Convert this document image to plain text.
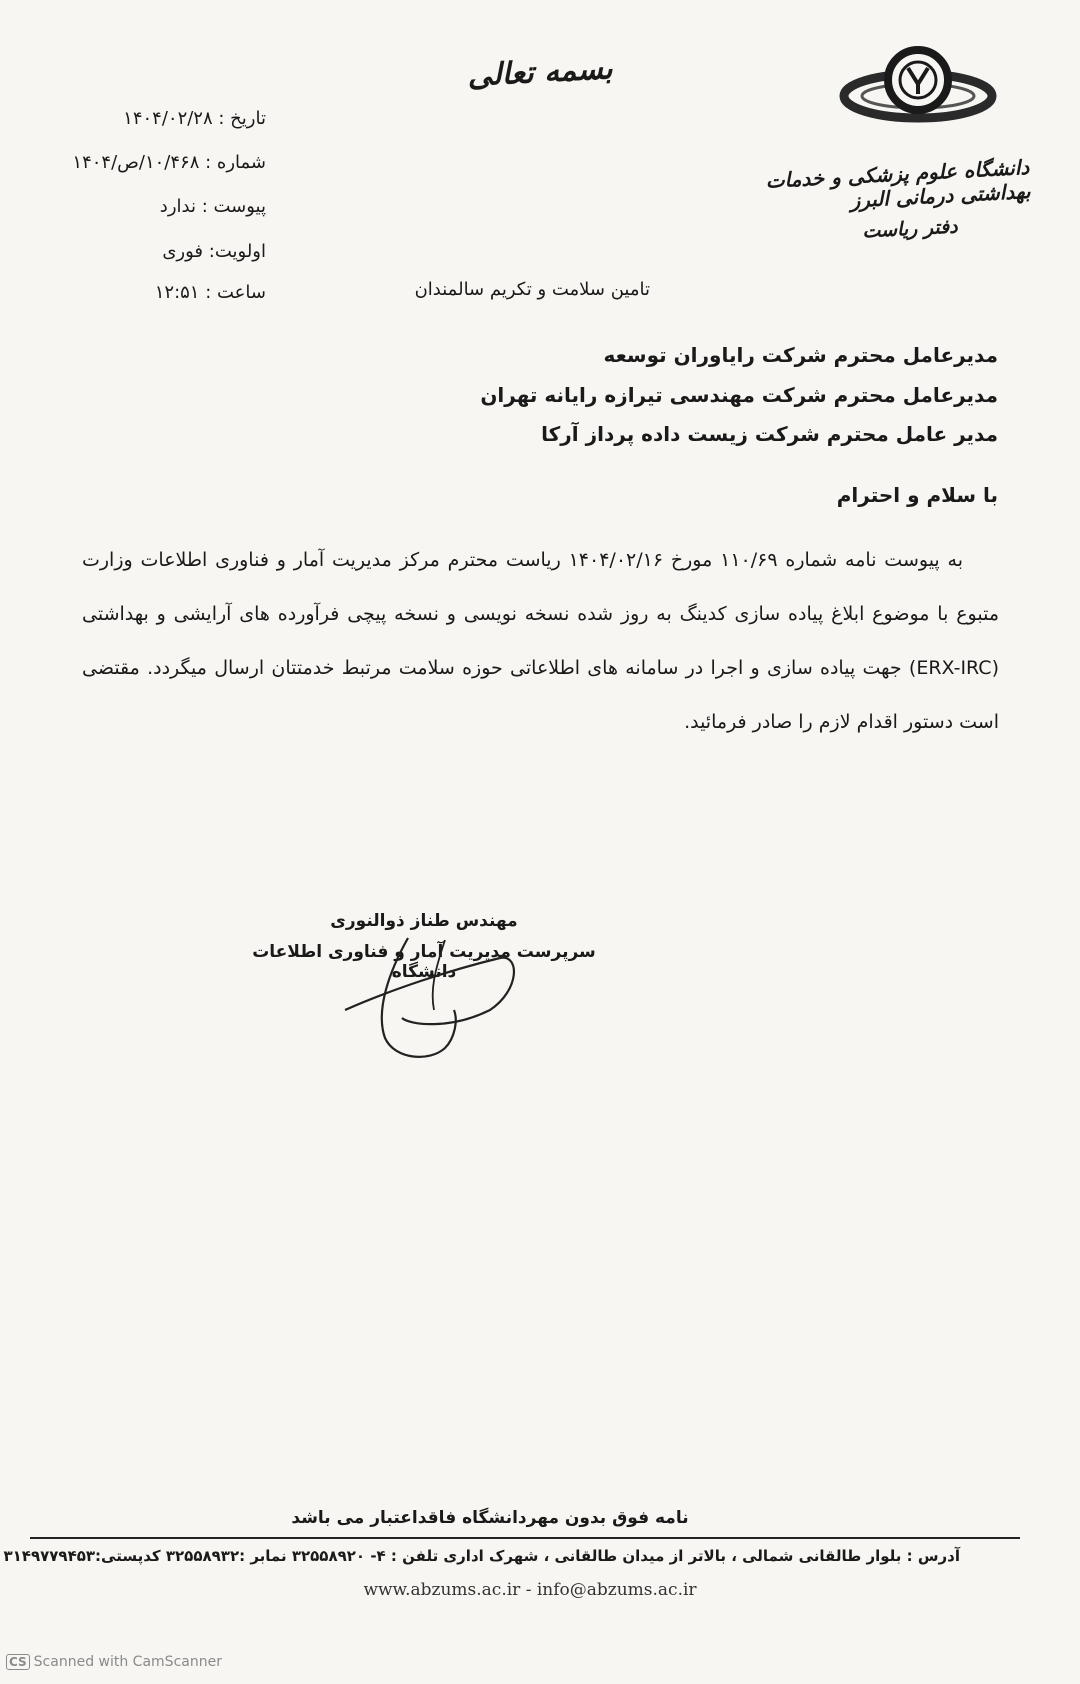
بسمه تعالی
دانشگاه علوم پزشکی و خدمات بهداشتی درمانی البرز
دفتر ریاست
تاریخ : ۱۴۰۴/۰۲/۲۸
شماره : ۱۰/۴۶۸/ص/۱۴۰۴
پیوست : ندارد
اولویت: فوری
ساعت : ۱۲:۵۱	تامین سلامت و تکریم سالمندان
مدیرعامل محترم شرکت رایاوران توسعه
مدیرعامل محترم شرکت مهندسی تیرازه رایانه تهران
مدیر عامل محترم شرکت زیست داده پرداز آرکا
با سلام و احترام
به پیوست نامه شماره ۱۱۰/۶۹ مورخ ۱۴۰۴/۰۲/۱۶ ریاست محترم مرکز مدیریت آمار و فناوری اطلاعات وزارت متبوع با موضوع ابلاغ پیاده سازی کدینگ به روز شده نسخه نویسی و نسخه پیچی فرآورده های آرایشی و بهداشتی (ERX-IRC) جهت پیاده سازی و اجرا در سامانه های اطلاعاتی حوزه سلامت مرتبط خدمتتان ارسال میگردد. مقتضی است دستور اقدام لازم را صادر فرمائید.
مهندس طناز ذوالنوری
سرپرست مدیریت آمار و فناوری اطلاعات دانشگاه
نامه فوق بدون مهردانشگاه فاقداعتبار می باشد
آدرس : بلوار طالقانی شمالی ، بالاتر از میدان طالقانی ، شهرک اداری تلفن : ۴- ۳۲۵۵۸۹۲۰ نمابر :۳۲۵۵۸۹۳۲ کدپستی:۳۱۴۹۷۷۹۴۵۳
www.abzums.ac.ir - info@abzums.ac.ir
CS Scanned with CamScanner
